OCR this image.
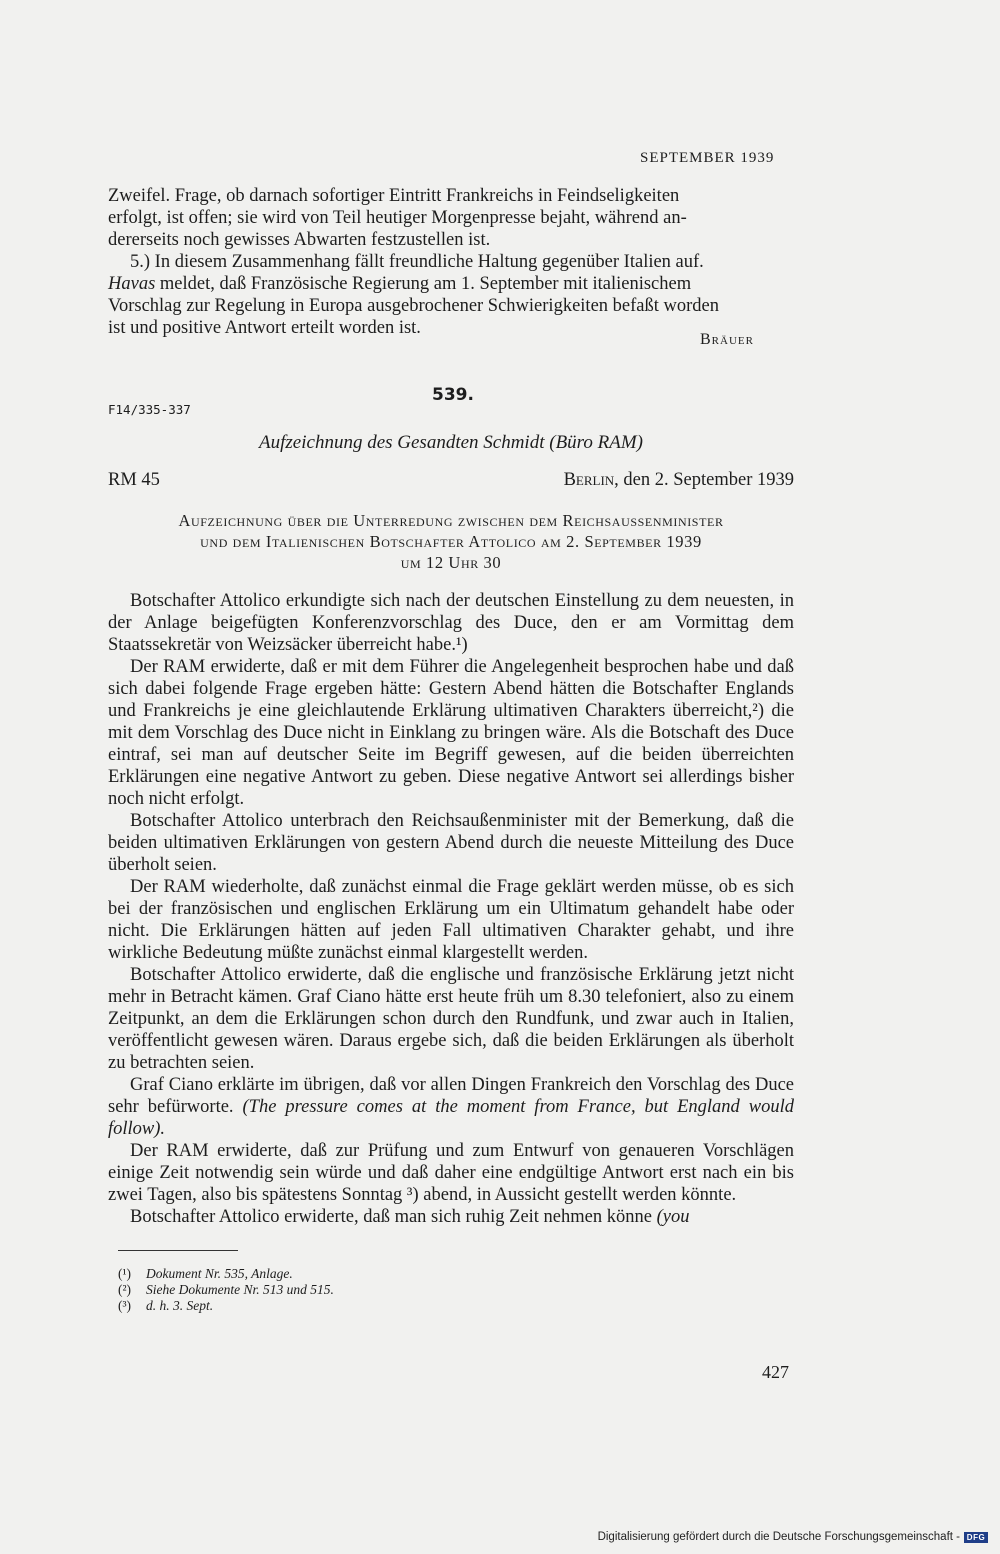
SEPTEMBER 1939

Zweifel. Frage, ob darnach sofortiger Eintritt Frankreichs in Feindseligkeiten
erfolgt, ist offen; sie wird von Teil heutiger Morgenpresse bejaht, während an-
dererseits noch gewisses Abwarten festzustellen ist.

5.) In diesem Zusammenhang fällt freundliche Haltung gegenüber Italien auf.
Havas meldet, daß Französische Regierung am 1. September mit italienischem

Vorschlag zur Regelung in Europa ausgebrochener Schwierigkeiten befaßt worden
ist und positive Antwort erteilt worden ist.

Bräuer
539.
F14/335-337
Aufzeichnung des Gesandten Schmidt (Büro RAM)
RM 45	Berlin, den 2. September 1939
Aufzeichnung über die Unterredung zwischen dem Reichsaussenminister
und dem Italienischen Botschafter Attolico am 2. September 1939
um 12 Uhr 30

Botschafter Attolico erkundigte sich nach der deutschen Einstellung zu dem neuesten, in der Anlage beigefügten Konferenzvorschlag des Duce, den er am Vormittag dem Staatssekretär von Weizsäcker überreicht habe.¹)

Der RAM erwiderte, daß er mit dem Führer die Angelegenheit besprochen habe und daß sich dabei folgende Frage ergeben hätte: Gestern Abend hätten die Botschafter Englands und Frankreichs je eine gleichlautende Erklärung ultimativen Charakters überreicht,²) die mit dem Vorschlag des Duce nicht in Einklang zu bringen wäre. Als die Botschaft des Duce eintraf, sei man auf deutscher Seite im Begriff gewesen, auf die beiden überreichten Erklärungen eine negative Antwort zu geben. Diese negative Antwort sei allerdings bisher noch nicht erfolgt.

Botschafter Attolico unterbrach den Reichsaußenminister mit der Bemerkung, daß die beiden ultimativen Erklärungen von gestern Abend durch die neueste Mitteilung des Duce überholt seien.

Der RAM wiederholte, daß zunächst einmal die Frage geklärt werden müsse, ob es sich bei der französischen und englischen Erklärung um ein Ultimatum gehandelt habe oder nicht. Die Erklärungen hätten auf jeden Fall ultimativen Charakter gehabt, und ihre wirkliche Bedeutung müßte zunächst einmal klargestellt werden.

Botschafter Attolico erwiderte, daß die englische und französische Erklärung jetzt nicht mehr in Betracht kämen. Graf Ciano hätte erst heute früh um 8.30 telefoniert, also zu einem Zeitpunkt, an dem die Erklärungen schon durch den Rundfunk, und zwar auch in Italien, veröffentlicht gewesen wären. Daraus ergebe sich, daß die beiden Erklärungen als überholt zu betrachten seien.

Graf Ciano erklärte im übrigen, daß vor allen Dingen Frankreich den Vorschlag des Duce sehr befürworte. (The pressure comes at the moment from France, but England would follow).

Der RAM erwiderte, daß zur Prüfung und zum Entwurf von genaueren Vorschlägen einige Zeit notwendig sein würde und daß daher eine endgültige Antwort erst nach ein bis zwei Tagen, also bis spätestens Sonntag ³) abend, in Aussicht gestellt werden könnte.

Botschafter Attolico erwiderte, daß man sich ruhig Zeit nehmen könne (you

(¹) Dokument Nr. 535, Anlage.
(²) Siehe Dokumente Nr. 513 und 515.
(³) d. h. 3. Sept.
427
Digitalisierung gefördert durch die Deutsche Forschungsgemeinschaft - DFG
